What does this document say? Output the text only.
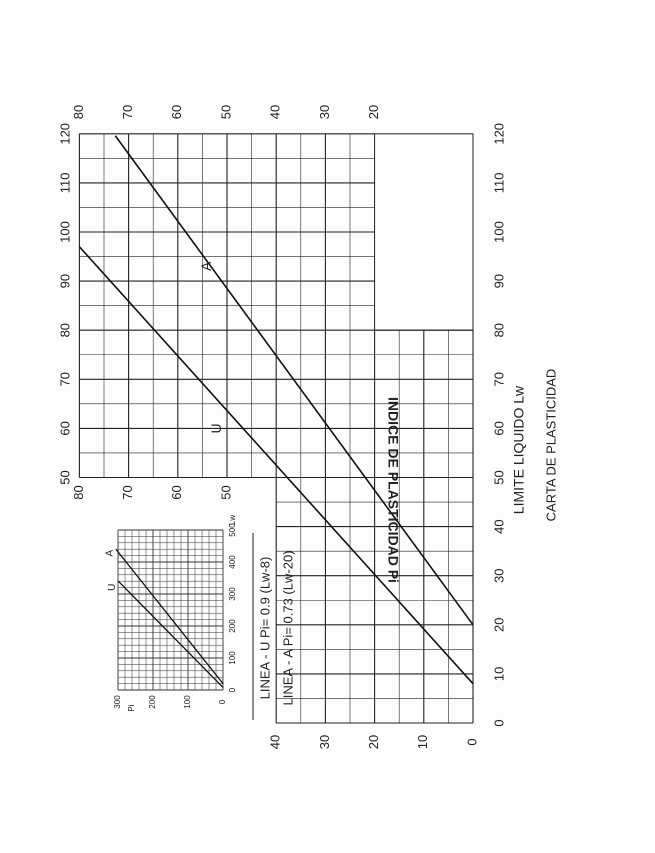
U
A
U
A
0
100
200
300
400
500
0
100
200
300
Lw
Pi
0
10
20
30
40
50
60
70
80
90
100
110
120
0
10
20
30
40
50
60
70
80
20
30
40
50
60
70
80
50
60
70
80
90
100
110
120
LIMITE LIQUIDO Lw CARTA DE PLASTICIDAD
INDICE DE PLASTICIDAD Pi
LINEA - U Pi= 0.9 (Lw-8) LINEA - A Pi= 0.73 (Lw-20)
